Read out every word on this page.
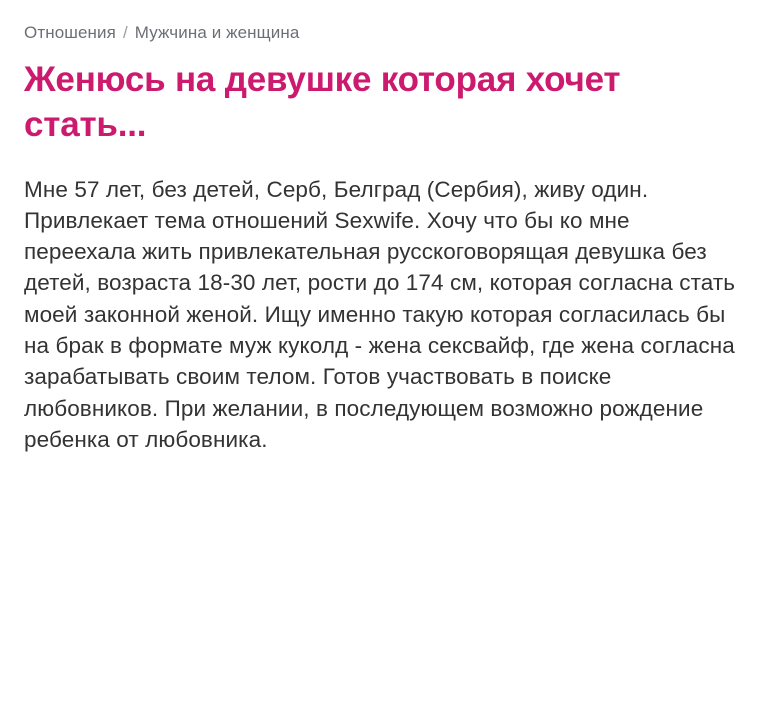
Отношения / Мужчина и женщина
Женюсь на девушке которая хочет стать...

Мне 57 лет, без детей, Серб, Белград (Сербия), живу один. Привлекает тема отношений Sexwife. Хочу что бы ко мне переехала жить привлекательная русскоговорящая девушка без детей, возраста 18-30 лет, рости до 174 см, которая согласна стать моей законной женой. Ищу именно такую которая согласилась бы на брак в формате муж куколд - жена сексвайф, где жена согласна зарабатывать своим телом. Готов участвовать в поиске любовников. При желании, в последующем возможно рождение ребенка от любовника.
